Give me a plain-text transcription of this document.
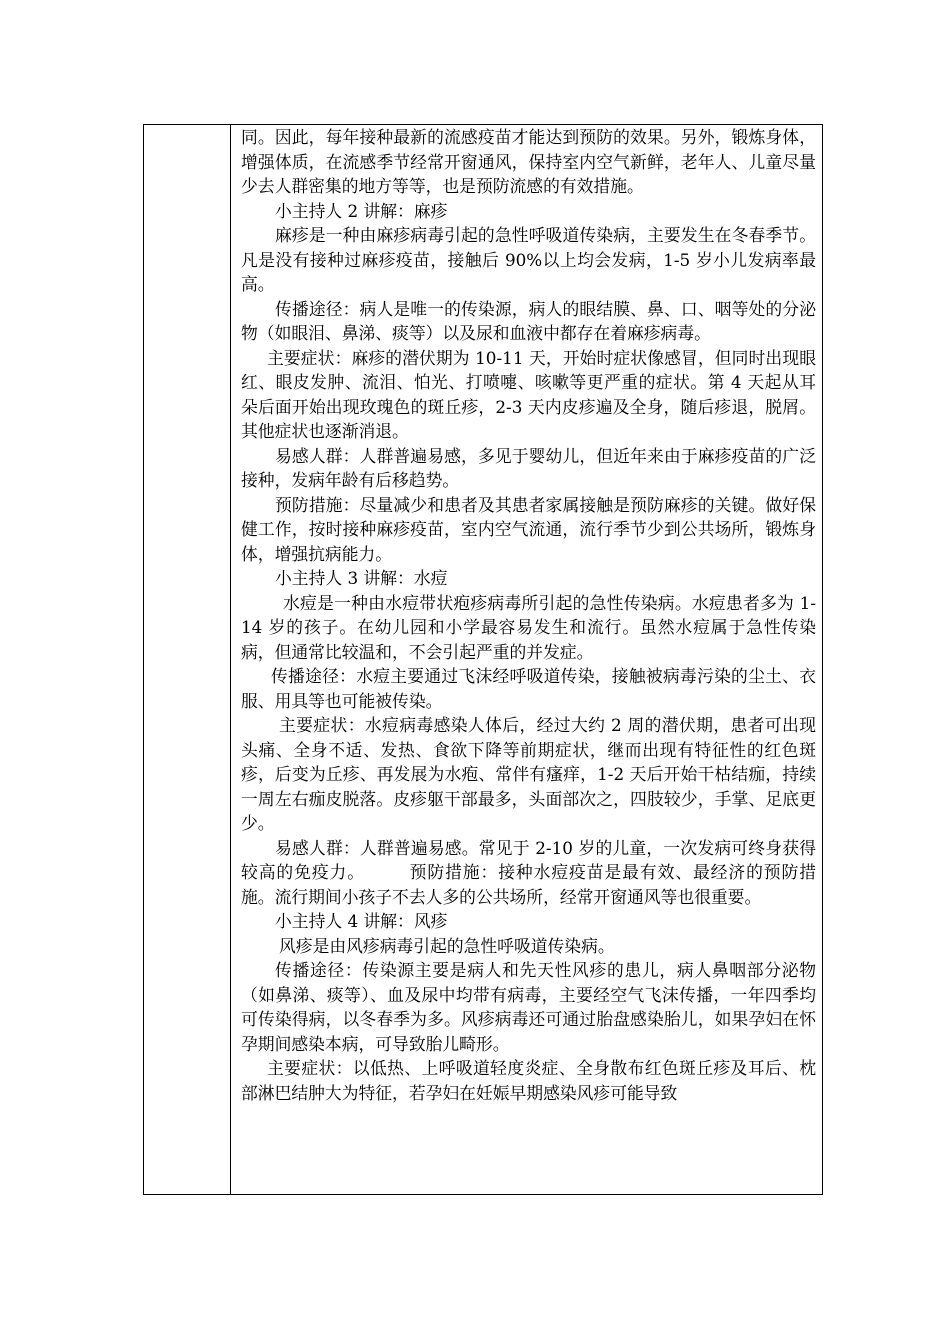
同。因此，每年接种最新的流感疫苗才能达到预防的效果。另外，锻炼身体，增强体质，在流感季节经常开窗通风，保持室内空气新鲜，老年人、儿童尽量少去人群密集的地方等等，也是预防流感的有效措施。

小主持人 2 讲解：麻疹

麻疹是一种由麻疹病毒引起的急性呼吸道传染病，主要发生在冬春季节。凡是没有接种过麻疹疫苗，接触后 90%以上均会发病，1-5 岁小儿发病率最高。

传播途径：病人是唯一的传染源，病人的眼结膜、鼻、口、咽等处的分泌物（如眼泪、鼻涕、痰等）以及尿和血液中都存在着麻疹病毒。

主要症状：麻疹的潜伏期为 10-11 天，开始时症状像感冒，但同时出现眼红、眼皮发肿、流泪、怕光、打喷嚏、咳嗽等更严重的症状。第 4 天起从耳朵后面开始出现玫瑰色的斑丘疹，2-3 天内皮疹遍及全身，随后疹退，脱屑。其他症状也逐渐消退。

易感人群：人群普遍易感，多见于婴幼儿，但近年来由于麻疹疫苗的广泛接种，发病年龄有后移趋势。

预防措施：尽量减少和患者及其患者家属接触是预防麻疹的关键。做好保健工作，按时接种麻疹疫苗，室内空气流通，流行季节少到公共场所，锻炼身体，增强抗病能力。

小主持人 3 讲解：水痘

水痘是一种由水痘带状疱疹病毒所引起的急性传染病。水痘患者多为 1-14 岁的孩子。在幼儿园和小学最容易发生和流行。虽然水痘属于急性传染病，但通常比较温和，不会引起严重的并发症。

传播途径：水痘主要通过飞沫经呼吸道传染，接触被病毒污染的尘土、衣服、用具等也可能被传染。

主要症状：水痘病毒感染人体后，经过大约 2 周的潜伏期，患者可出现头痛、全身不适、发热、食欲下降等前期症状，继而出现有特征性的红色斑疹，后变为丘疹、再发展为水疱、常伴有瘙痒，1-2 天后开始干枯结痂，持续一周左右痂皮脱落。皮疹躯干部最多，头面部次之，四肢较少，手掌、足底更少。

易感人群：人群普遍易感。常见于 2-10 岁的儿童，一次发病可终身获得较高的免疫力。　　　预防措施：接种水痘疫苗是最有效、最经济的预防措施。流行期间小孩子不去人多的公共场所，经常开窗通风等也很重要。

小主持人 4 讲解：风疹

风疹是由风疹病毒引起的急性呼吸道传染病。

传播途径：传染源主要是病人和先天性风疹的患儿，病人鼻咽部分泌物（如鼻涕、痰等）、血及尿中均带有病毒，主要经空气飞沫传播，一年四季均可传染得病，以冬春季为多。风疹病毒还可通过胎盘感染胎儿，如果孕妇在怀孕期间感染本病，可导致胎儿畸形。

主要症状：以低热、上呼吸道轻度炎症、全身散布红色斑丘疹及耳后、枕部淋巴结肿大为特征，若孕妇在妊娠早期感染风疹可能导致
